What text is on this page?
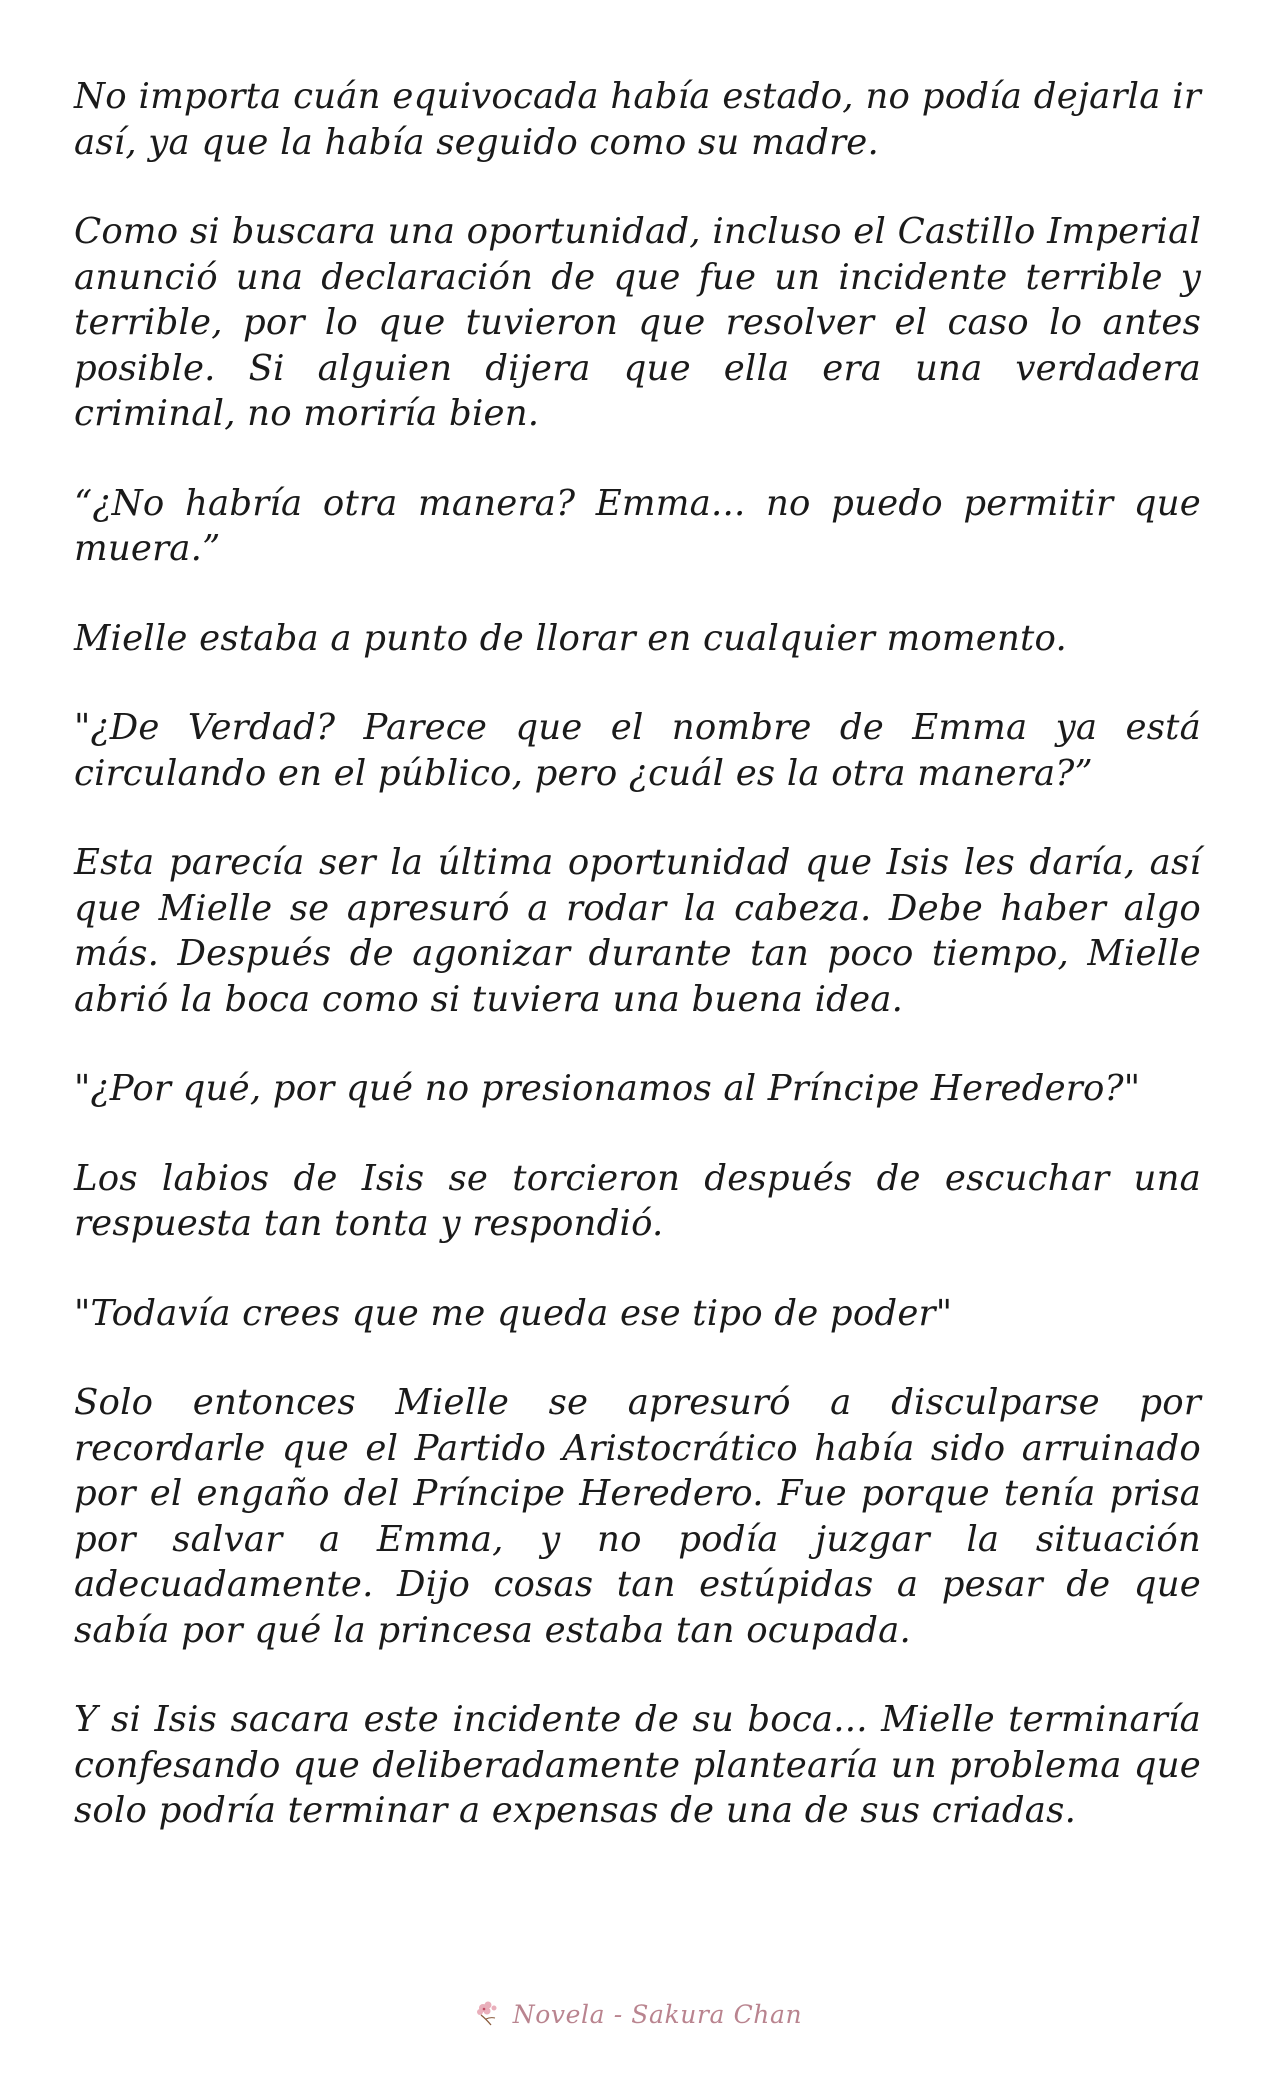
No importa cuán equivocada había estado, no podía dejarla ir así, ya que la había seguido como su madre.

Como si buscara una oportunidad, incluso el Castillo Imperial anunció una declaración de que fue un incidente terrible y terrible, por lo que tuvieron que resolver el caso lo antes posible. Si alguien dijera que ella era una verdadera criminal, no moriría bien.

“¿No habría otra manera? Emma... no puedo permitir que muera.”

Mielle estaba a punto de llorar en cualquier momento.

"¿De Verdad? Parece que el nombre de Emma ya está circulando en el público, pero ¿cuál es la otra manera?”

Esta parecía ser la última oportunidad que Isis les daría, así que Mielle se apresuró a rodar la cabeza. Debe haber algo más. Después de agonizar durante tan poco tiempo, Mielle abrió la boca como si tuviera una buena idea.

"¿Por qué, por qué no presionamos al Príncipe Heredero?"

Los labios de Isis se torcieron después de escuchar una respuesta tan tonta y respondió.

"Todavía crees que me queda ese tipo de poder"

Solo entonces Mielle se apresuró a disculparse por recordarle que el Partido Aristocrático había sido arruinado por el engaño del Príncipe Heredero. Fue porque tenía prisa por salvar a Emma, y no podía juzgar la situación adecuadamente. Dijo cosas tan estúpidas a pesar de que sabía por qué la princesa estaba tan ocupada.

Y si Isis sacara este incidente de su boca... Mielle terminaría confesando que deliberadamente plantearía un problema que solo podría terminar a expensas de una de sus criadas.

Novela - Sakura Chan
